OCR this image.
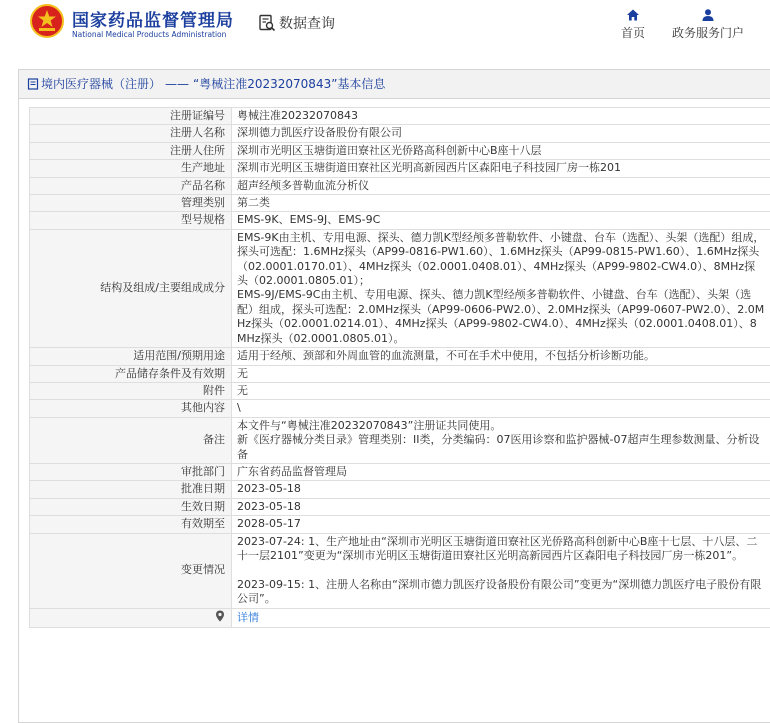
国家药品监督管理局
National Medical Products Administration
数据查询
首页	政务服务门户
境内医疗器械（注册） —— “粤械注准20232070843”基本信息
注册证编号	粤械注准20232070843
注册人名称	深圳德力凯医疗设备股份有限公司
注册人住所	深圳市光明区玉塘街道田寮社区光侨路高科创新中心B座十八层
生产地址	深圳市光明区玉塘街道田寮社区光明高新园西片区森阳电子科技园厂房一栋201
产品名称	超声经颅多普勒血流分析仪
管理类别	第二类
型号规格	EMS-9K、EMS-9J、EMS-9C
结构及组成/主要组成成分	EMS-9K由主机、专用电源、探头、德力凯K型经颅多普勒软件、小键盘、台车（选配）、头架（选配）组成，探头可选配：1.6MHz探头（AP99-0816-PW1.60）、1.6MHz探头（AP99-0815-PW1.60）、1.6MHz探头（02.0001.0170.01）、4MHz探头（02.0001.0408.01）、4MHz探头（AP99-9802-CW4.0）、8MHz探头（02.0001.0805.01）；
EMS-9J/EMS-9C由主机、专用电源、探头、德力凯K型经颅多普勒软件、小键盘、台车（选配）、头架（选配）组成，探头可选配：2.0MHz探头（AP99-0606-PW2.0）、2.0MHz探头（AP99-0607-PW2.0）、2.0MHz探头（02.0001.0214.01）、4MHz探头（AP99-9802-CW4.0）、4MHz探头（02.0001.0408.01）、8MHz探头（02.0001.0805.01）。
适用范围/预期用途	适用于经颅、颈部和外周血管的血流测量，不可在手术中使用，不包括分析诊断功能。
产品储存条件及有效期	无
附件	无
其他内容	\
备注	本文件与“粤械注准20232070843”注册证共同使用。
新《医疗器械分类目录》管理类别：II类，分类编码：07医用诊察和监护器械-07超声生理参数测量、分析设备
审批部门	广东省药品监督管理局
批准日期	2023-05-18
生效日期	2023-05-18
有效期至	2028-05-17
变更情况	2023-07-24: 1、生产地址由“深圳市光明区玉塘街道田寮社区光侨路高科创新中心B座十七层、十八层、二十一层2101”变更为“深圳市光明区玉塘街道田寮社区光明高新园西片区森阳电子科技园厂房一栋201”。

2023-09-15: 1、注册人名称由“深圳市德力凯医疗设备股份有限公司”变更为“深圳德力凯医疗电子股份有限公司”。

	详情
